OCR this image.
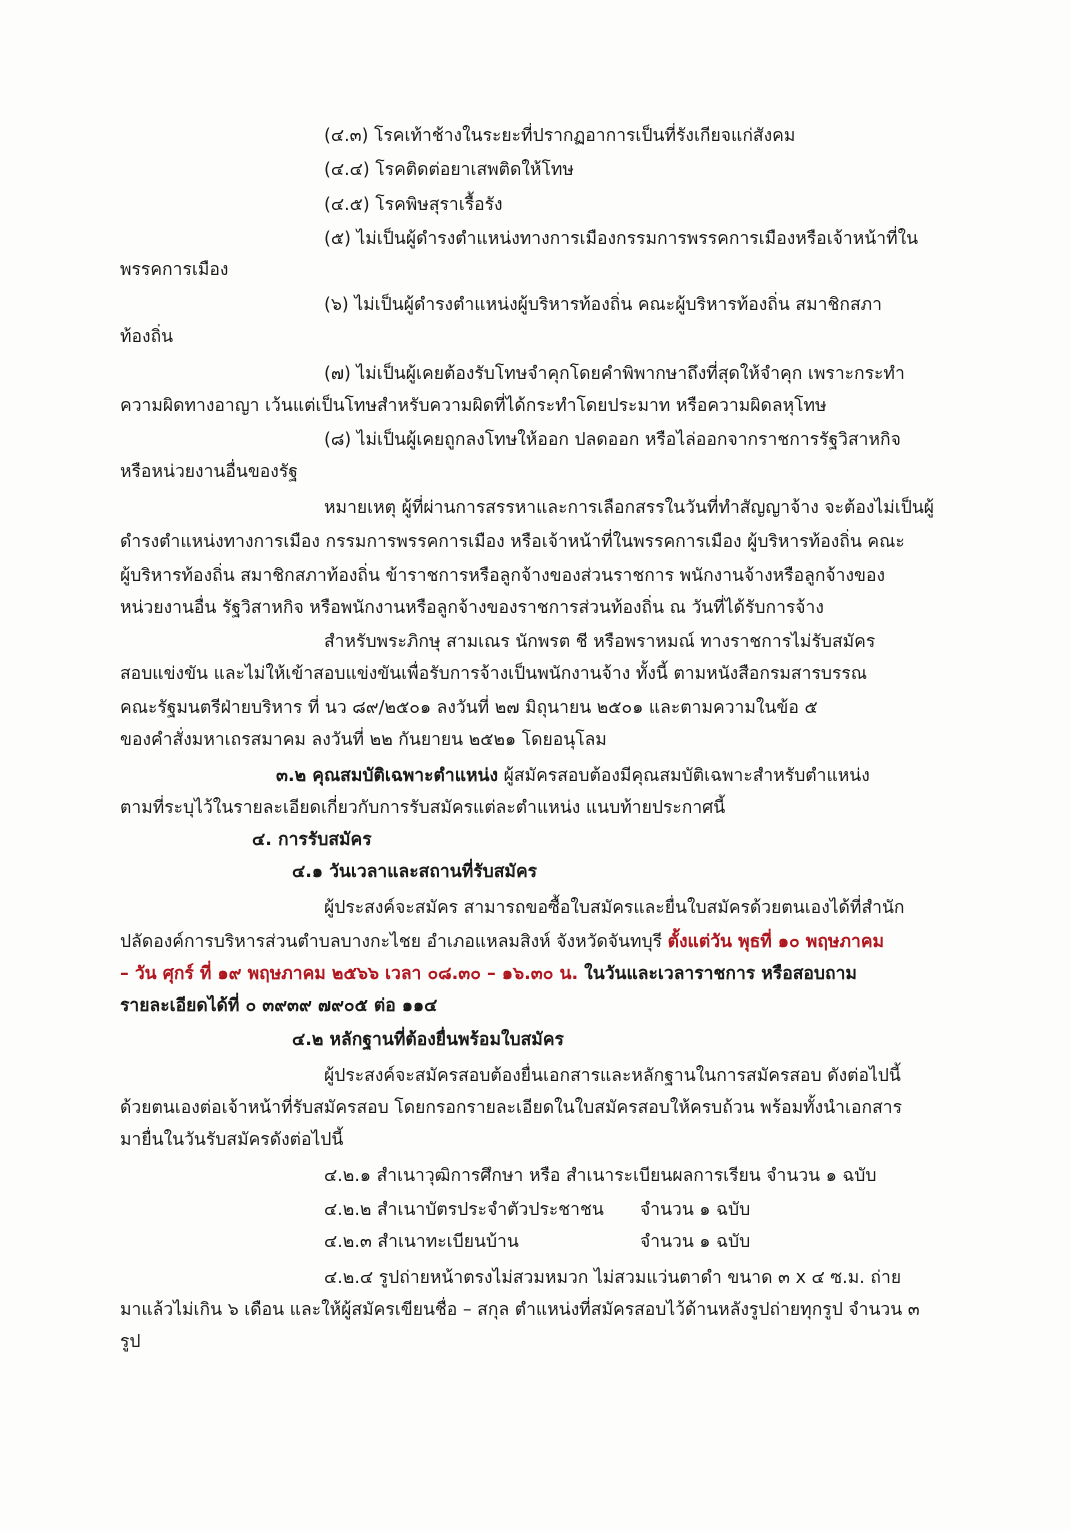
(๔.๓) โรคเท้าช้างในระยะที่ปรากฏอาการเป็นที่รังเกียจแก่สังคม
(๔.๔) โรคติดต่อยาเสพติดให้โทษ
(๔.๕) โรคพิษสุราเรื้อรัง
(๕) ไม่เป็นผู้ดำรงตำแหน่งทางการเมืองกรรมการพรรคการเมืองหรือเจ้าหน้าที่ใน
พรรคการเมือง
(๖) ไม่เป็นผู้ดำรงตำแหน่งผู้บริหารท้องถิ่น คณะผู้บริหารท้องถิ่น สมาชิกสภา
ท้องถิ่น
(๗) ไม่เป็นผู้เคยต้องรับโทษจำคุกโดยคำพิพากษาถึงที่สุดให้จำคุก เพราะกระทำ
ความผิดทางอาญา เว้นแต่เป็นโทษสำหรับความผิดที่ได้กระทำโดยประมาท หรือความผิดลหุโทษ
(๘) ไม่เป็นผู้เคยถูกลงโทษให้ออก ปลดออก หรือไล่ออกจากราชการรัฐวิสาหกิจ
หรือหน่วยงานอื่นของรัฐ
หมายเหตุ ผู้ที่ผ่านการสรรหาและการเลือกสรรในวันที่ทำสัญญาจ้าง จะต้องไม่เป็นผู้
ดำรงตำแหน่งทางการเมือง กรรมการพรรคการเมือง หรือเจ้าหน้าที่ในพรรคการเมือง ผู้บริหารท้องถิ่น คณะ
ผู้บริหารท้องถิ่น สมาชิกสภาท้องถิ่น ข้าราชการหรือลูกจ้างของส่วนราชการ พนักงานจ้างหรือลูกจ้างของ
หน่วยงานอื่น รัฐวิสาหกิจ หรือพนักงานหรือลูกจ้างของราชการส่วนท้องถิ่น ณ วันที่ได้รับการจ้าง
สำหรับพระภิกษุ สามเณร นักพรต ชี หรือพราหมณ์ ทางราชการไม่รับสมัคร
สอบแข่งขัน และไม่ให้เข้าสอบแข่งขันเพื่อรับการจ้างเป็นพนักงานจ้าง ทั้งนี้ ตามหนังสือกรมสารบรรณ
คณะรัฐมนตรีฝ่ายบริหาร ที่ นว ๘๙/๒๕๐๑ ลงวันที่ ๒๗ มิถุนายน ๒๕๐๑ และตามความในข้อ ๕
ของคำสั่งมหาเถรสมาคม ลงวันที่ ๒๒ กันยายน ๒๕๒๑ โดยอนุโลม
๓.๒ คุณสมบัติเฉพาะตำแหน่ง ผู้สมัครสอบต้องมีคุณสมบัติเฉพาะสำหรับตำแหน่ง
ตามที่ระบุไว้ในรายละเอียดเกี่ยวกับการรับสมัครแต่ละตำแหน่ง แนบท้ายประกาศนี้
๔. การรับสมัคร
๔.๑ วันเวลาและสถานที่รับสมัคร
ผู้ประสงค์จะสมัคร สามารถขอซื้อใบสมัครและยื่นใบสมัครด้วยตนเองได้ที่สำนัก
ปลัดองค์การบริหารส่วนตำบลบางกะไชย อำเภอแหลมสิงห์ จังหวัดจันทบุรี ตั้งแต่วัน พุธที่ ๑๐ พฤษภาคม
– วัน ศุกร์ ที่ ๑๙ พฤษภาคม ๒๕๖๖ เวลา ๐๘.๓๐ – ๑๖.๓๐ น. ในวันและเวลาราชการ หรือสอบถาม
รายละเอียดได้ที่ ๐ ๓๙๓๙ ๗๙๐๕ ต่อ ๑๑๔
๔.๒ หลักฐานที่ต้องยื่นพร้อมใบสมัคร
ผู้ประสงค์จะสมัครสอบต้องยื่นเอกสารและหลักฐานในการสมัครสอบ ดังต่อไปนี้
ด้วยตนเองต่อเจ้าหน้าที่รับสมัครสอบ โดยกรอกรายละเอียดในใบสมัครสอบให้ครบถ้วน พร้อมทั้งนำเอกสาร
มายื่นในวันรับสมัครดังต่อไปนี้
๔.๒.๑ สำเนาวุฒิการศึกษา หรือ สำเนาระเบียนผลการเรียน จำนวน ๑ ฉบับ
๔.๒.๒ สำเนาบัตรประจำตัวประชาชน จำนวน ๑ ฉบับ
๔.๒.๓ สำเนาทะเบียนบ้าน	จำนวน ๑ ฉบับ
๔.๒.๔ รูปถ่ายหน้าตรงไม่สวมหมวก ไม่สวมแว่นตาดำ ขนาด ๓ x ๔ ซ.ม. ถ่าย
มาแล้วไม่เกิน ๖ เดือน และให้ผู้สมัครเขียนชื่อ – สกุล ตำแหน่งที่สมัครสอบไว้ด้านหลังรูปถ่ายทุกรูป จำนวน ๓
รูป
